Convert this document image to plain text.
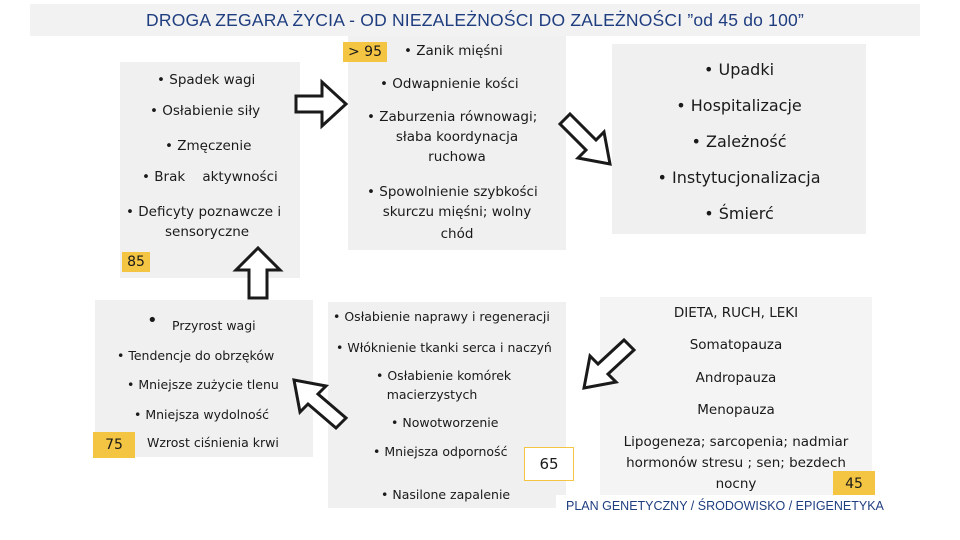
DROGA ZEGARA ŻYCIA - OD NIEZALEŻNOŚCI DO ZALEŻNOŚCI ”od 45 do 100”
• Spadek wagi
• Osłabienie siły
• Zmęczenie
• Brak    aktywności
• Deficyty poznawcze i
sensoryczne
85
> 95	• Zanik mięśni
• Odwapnienie kości
• Zaburzenia równowagi;
słaba koordynacja
ruchowa
• Spowolnienie szybkości
skurczu mięśni; wolny
chód
• Upadki
• Hospitalizacje
• Zależność
• Instytucjonalizacja
• Śmierć
• Przyrost wagi
• Tendencje do obrzęków
• Mniejsze zużycie tlenu
• Mniejsza wydolność
Wzrost ciśnienia krwi
75
• Osłabienie naprawy i regeneracji
• Włóknienie tkanki serca i naczyń
• Osłabienie komórek
macierzystych
• Nowotworzenie
• Mniejsza odporność
• Nasilone zapalenie
65
DIETA, RUCH, LEKI
Somatopauza
Andropauza
Menopauza
Lipogeneza; sarcopenia; nadmiar
hormonów stresu ; sen; bezdech
nocny	45
PLAN GENETYCZNY / ŚRODOWISKO / EPIGENETYKA
